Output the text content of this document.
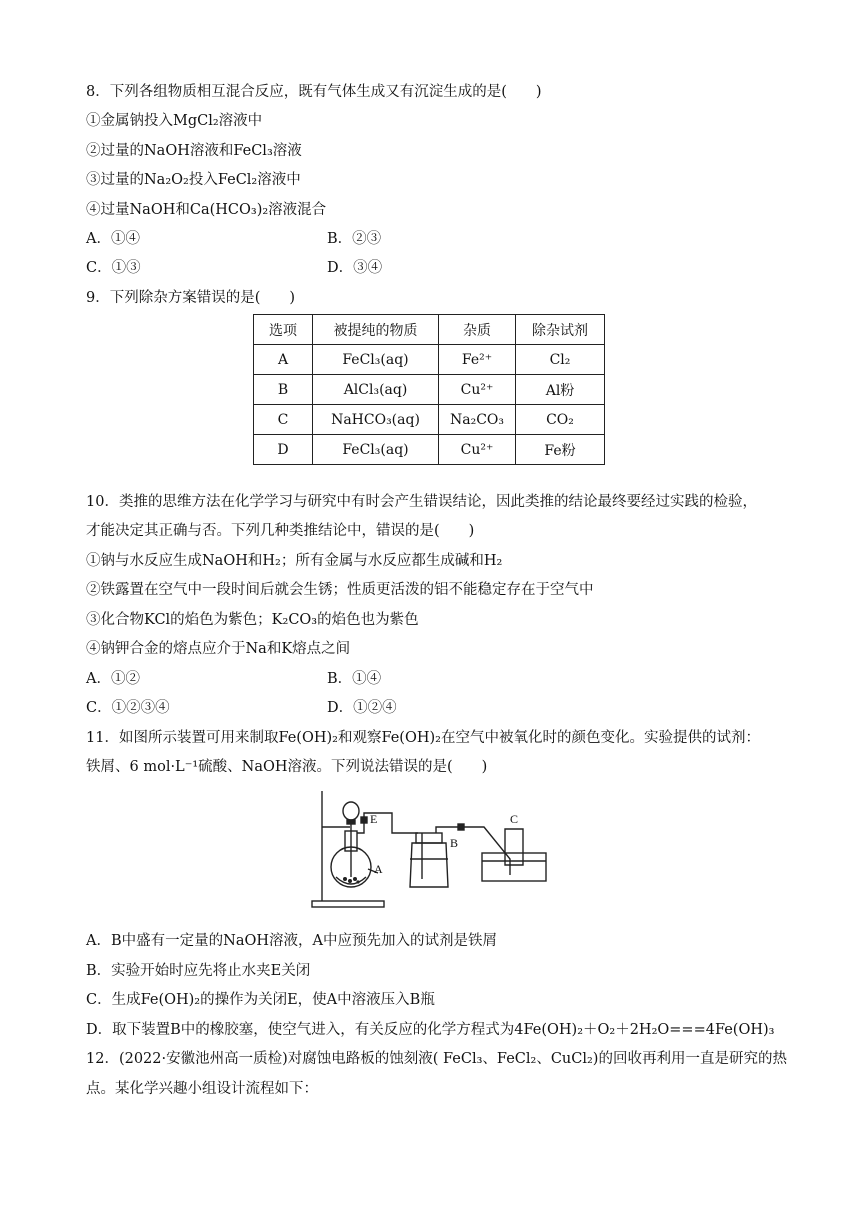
8．下列各组物质相互混合反应，既有气体生成又有沉淀生成的是(　　)
①金属钠投入MgCl₂溶液中
②过量的NaOH溶液和FeCl₃溶液
③过量的Na₂O₂投入FeCl₂溶液中
④过量NaOH和Ca(HCO₃)₂溶液混合
A．①④	B．②③
C．①③	D．③④
9．下列除杂方案错误的是(　　)
选项	被提纯的物质	杂质	除杂试剂
A	FeCl₃(aq)	Fe²⁺	Cl₂
B	AlCl₃(aq)	Cu²⁺	Al粉
C	NaHCO₃(aq)	Na₂CO₃	CO₂
D	FeCl₃(aq)	Cu²⁺	Fe粉
10．类推的思维方法在化学学习与研究中有时会产生错误结论，因此类推的结论最终要经过实践的检验，
才能决定其正确与否。下列几种类推结论中，错误的是(　　)
①钠与水反应生成NaOH和H₂；所有金属与水反应都生成碱和H₂
②铁露置在空气中一段时间后就会生锈；性质更活泼的铝不能稳定存在于空气中
③化合物KCl的焰色为紫色；K₂CO₃的焰色也为紫色
④钠钾合金的熔点应介于Na和K熔点之间
A．①②	B．①④
C．①②③④	D．①②④
11．如图所示装置可用来制取Fe(OH)₂和观察Fe(OH)₂在空气中被氧化时的颜色变化。实验提供的试剂：
铁屑、6 mol·L⁻¹硫酸、NaOH溶液。下列说法错误的是(　　)
A
E
B
C
A．B中盛有一定量的NaOH溶液，A中应预先加入的试剂是铁屑
B．实验开始时应先将止水夹E关闭
C．生成Fe(OH)₂的操作为关闭E，使A中溶液压入B瓶
D．取下装置B中的橡胶塞，使空气进入，有关反应的化学方程式为4Fe(OH)₂＋O₂＋2H₂O===4Fe(OH)₃
12．(2022·安徽池州高一质检)对腐蚀电路板的蚀刻液( FeCl₃、FeCl₂、CuCl₂)的回收再利用一直是研究的热
点。某化学兴趣小组设计流程如下：
